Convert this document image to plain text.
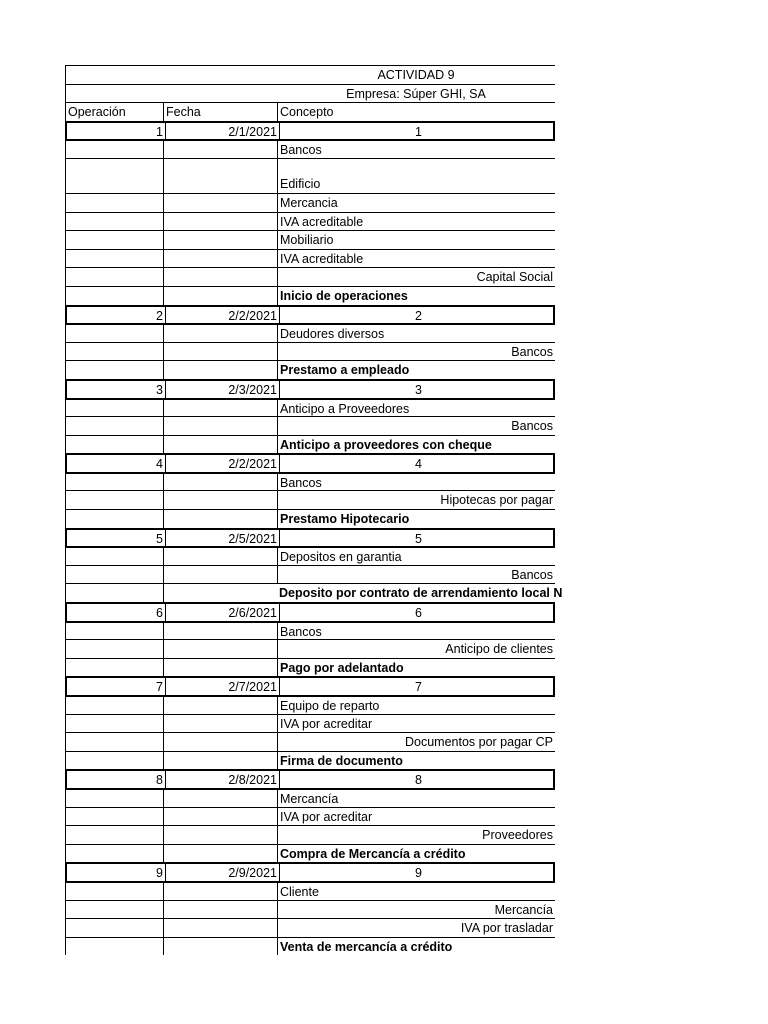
ACTIVIDAD 9
Empresa: Súper GHI, SA
Operación	Fecha	Concepto
1	2/1/2021	1
Bancos
Edificio
Mercancia
IVA acreditable
Mobiliario
IVA acreditable
Capital Social
Inicio de operaciones
2	2/2/2021	2
Deudores diversos
Bancos
Prestamo a empleado
3	2/3/2021	3
Anticipo a Proveedores
Bancos
Anticipo a proveedores con cheque
4	2/2/2021	4
Bancos
Hipotecas por pagar
Prestamo Hipotecario
5	2/5/2021	5
Depositos en garantia
Bancos
Deposito por contrato de arrendamiento local N
6	2/6/2021	6
Bancos
Anticipo de clientes
Pago por adelantado
7	2/7/2021	7
Equipo de reparto
IVA por acreditar
Documentos por pagar CP
Firma de documento
8	2/8/2021	8
Mercancía
IVA por acreditar
Proveedores
Compra de Mercancía a crédito
9	2/9/2021	9
Cliente
Mercancía
IVA por trasladar
Venta de mercancía a crédito
